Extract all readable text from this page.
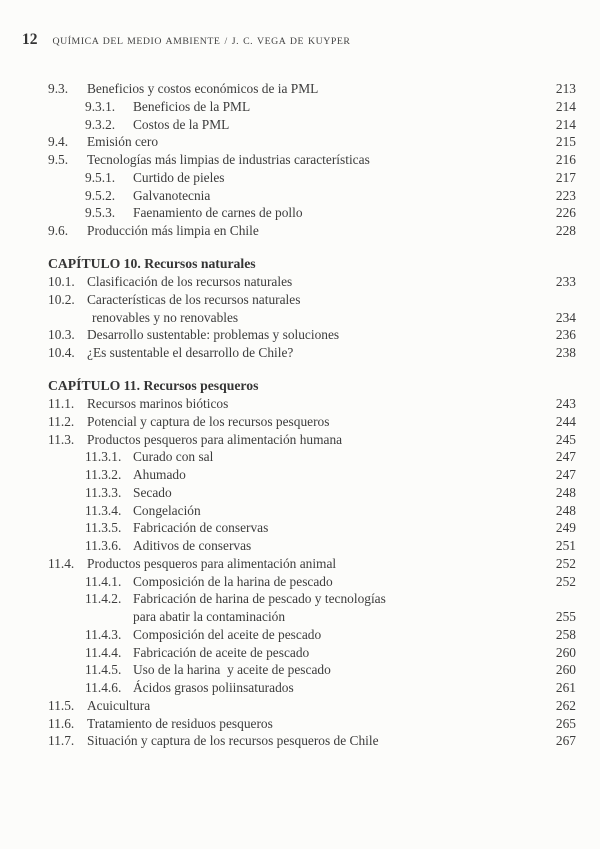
12 QUÍMICA DEL MEDIO AMBIENTE / J. C. VEGA DE KUYPER
9.3.	Beneficios y costos económicos de ia PML	213
9.3.1.	Beneficios de la PML	214
9.3.2.	Costos de la PML	214
9.4.	Emisión cero	215
9.5.	Tecnologías más limpias de industrias características	216
9.5.1.	Curtido de pieles	217
9.5.2.	Galvanotecnia	223
9.5.3.	Faenamiento de carnes de pollo	226
9.6.	Producción más limpia en Chile	228
CAPÍTULO 10. Recursos naturales
10.1. Clasificación de los recursos naturales	233
10.2. Características de los recursos naturales
renovables y no renovables	234
10.3. Desarrollo sustentable: problemas y soluciones	236
10.4. ¿Es sustentable el desarrollo de Chile?	238
CAPÍTULO 11. Recursos pesqueros
11.1. Recursos marinos bióticos	243
11.2. Potencial y captura de los recursos pesqueros	244
11.3. Productos pesqueros para alimentación humana	245
11.3.1. Curado con sal	247
11.3.2. Ahumado	247
11.3.3. Secado	248
11.3.4. Congelación	248
11.3.5. Fabricación de conservas	249
11.3.6. Aditivos de conservas	251
11.4. Productos pesqueros para alimentación animal	252
11.4.1. Composición de la harina de pescado	252
11.4.2. Fabricación de harina de pescado y tecnologías
para abatir la contaminación	255
11.4.3. Composición del aceite de pescado	258
11.4.4. Fabricación de aceite de pescado	260
11.4.5. Uso de la harina  y aceite de pescado	260
11.4.6. Ácidos grasos poliinsaturados	261
11.5. Acuicultura	262
11.6. Tratamiento de residuos pesqueros	265
11.7. Situación y captura de los recursos pesqueros de Chile	267
